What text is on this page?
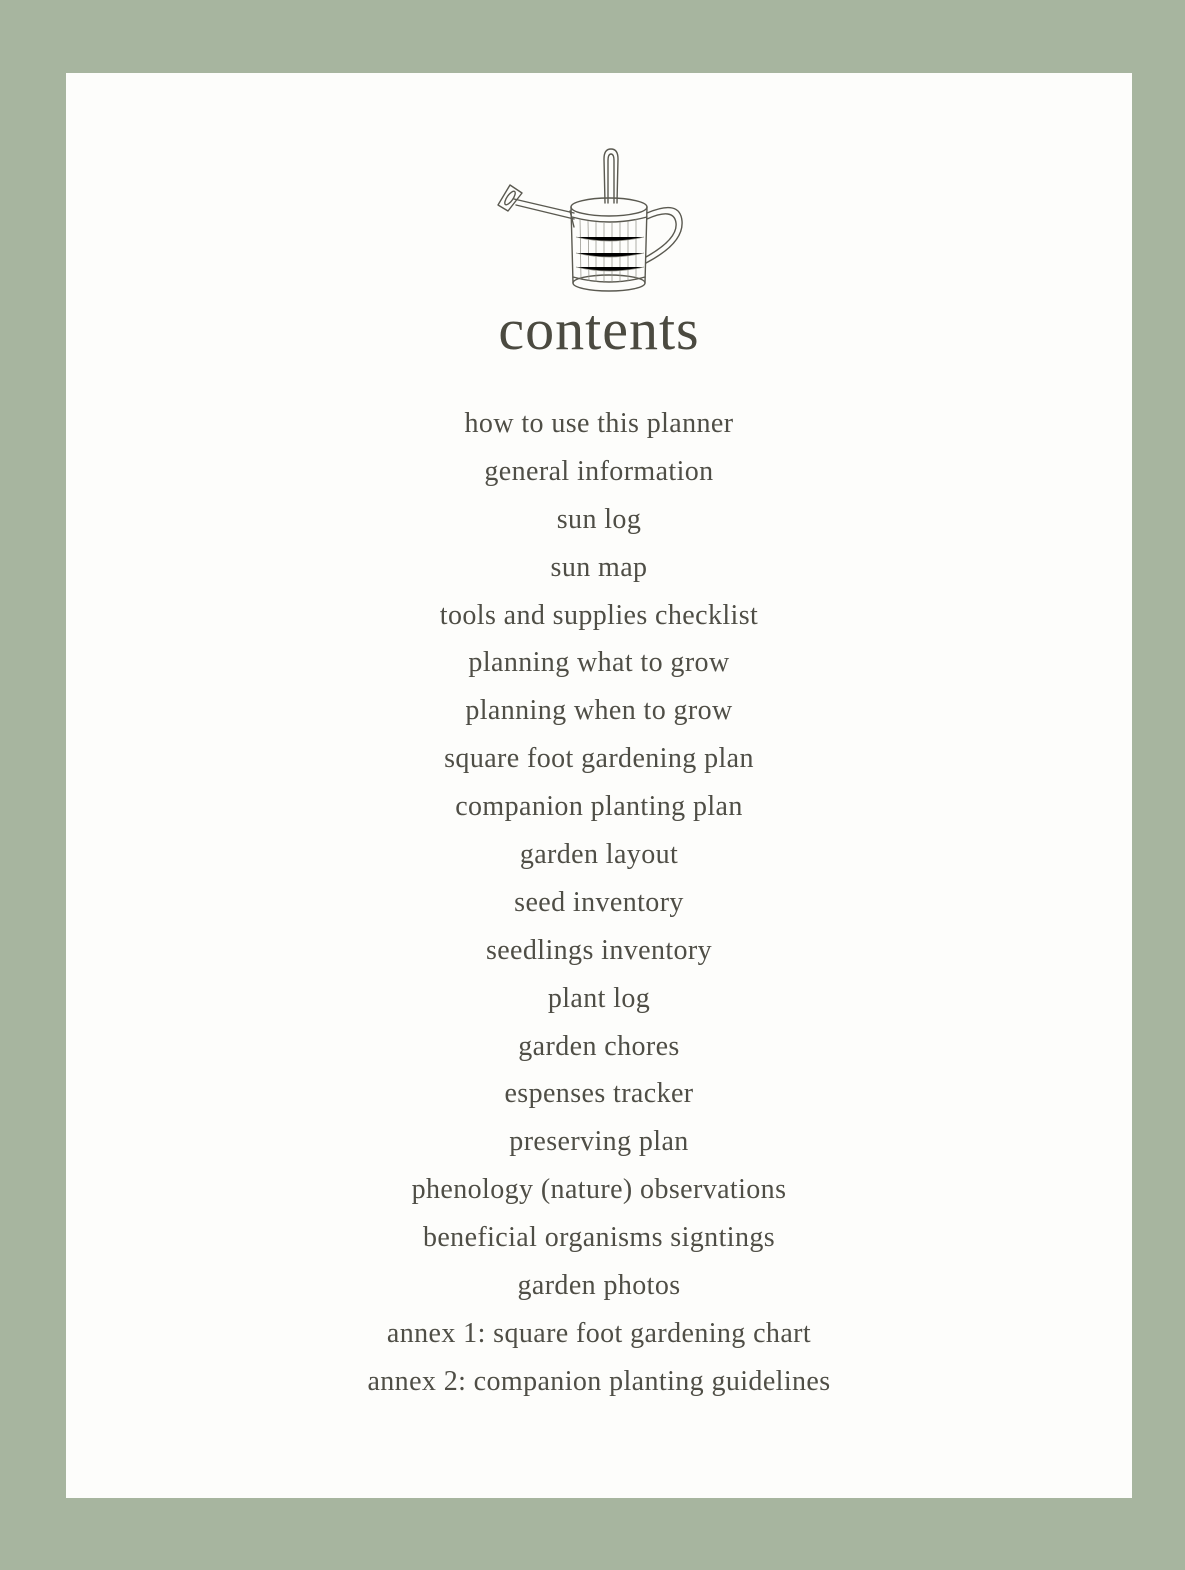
contents
how to use this planner
general information
sun log
sun map
tools and supplies checklist
planning what to grow
planning when to grow
square foot gardening plan
companion planting plan
garden layout
seed inventory
seedlings inventory
plant log
garden chores
espenses tracker
preserving plan
phenology (nature) observations
beneficial organisms signtings
garden photos
annex 1: square foot gardening chart
annex 2: companion planting guidelines
